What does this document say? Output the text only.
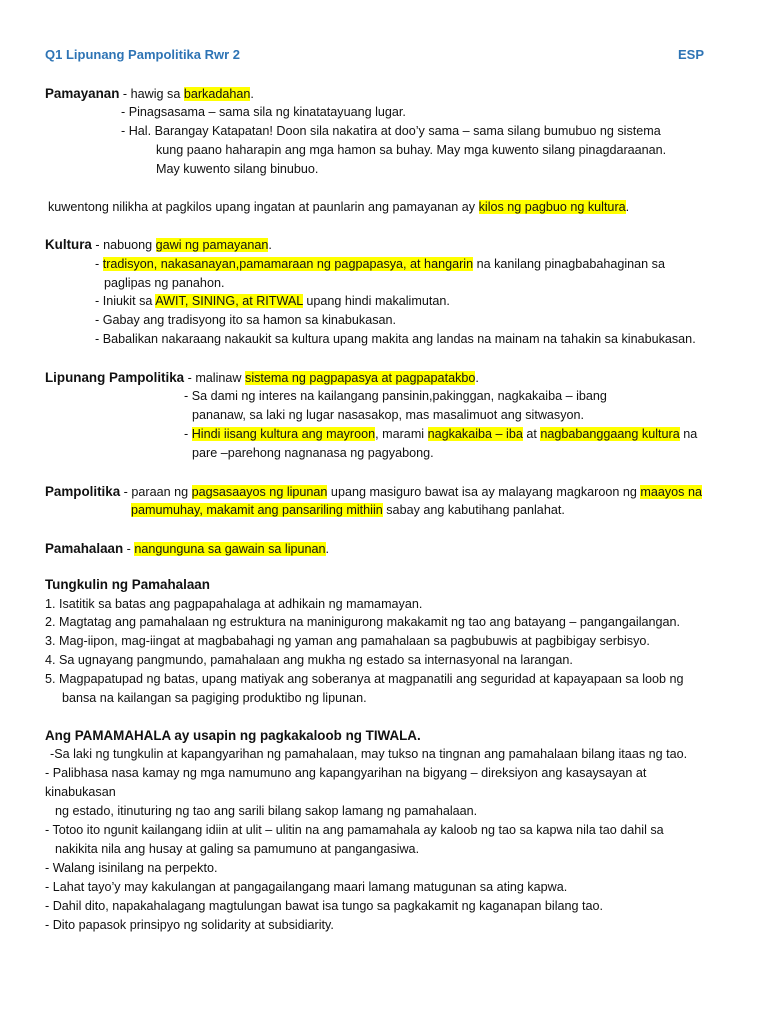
Q1 Lipunang Pampolitika Rwr 2	ESP
Pamayanan - hawig sa barkadahan.
- Pinagsasama – sama sila ng kinatatayuang lugar.
- Hal. Barangay Katapatan! Doon sila nakatira at doo’y sama – sama silang bumubuo ng sistema
kung paano haharapin ang mga hamon sa buhay. May mga kuwento silang pinagdaraanan.
May kuwento silang binubuo.
kuwentong nilikha at pagkilos upang ingatan at paunlarin ang pamayanan ay kilos ng pagbuo ng kultura.
Kultura - nabuong gawi ng pamayanan.
- tradisyon, nakasanayan,pamamaraan ng pagpapasya, at hangarin na kanilang pinagbabahaginan sa
paglipas ng panahon.
- Iniukit sa AWIT, SINING, at RITWAL upang hindi makalimutan.
- Gabay ang tradisyong ito sa hamon sa kinabukasan.
- Babalikan nakaraang nakaukit sa kultura upang makita ang landas na mainam na tahakin sa kinabukasan.
Lipunang Pampolitika - malinaw sistema ng pagpapasya at pagpapatakbo.
- Sa dami ng interes na kailangang pansinin,pakinggan, nagkakaiba – ibang
pananaw, sa laki ng lugar nasasakop, mas masalimuot ang sitwasyon.
- Hindi iisang kultura ang mayroon, marami nagkakaiba – iba at nagbabanggaang kultura na
pare –parehong nagnanasa ng pagyabong.
Pampolitika - paraan ng pagsasaayos ng lipunan upang masiguro bawat isa ay malayang magkaroon ng maayos na
pamumuhay, makamit ang pansariling mithiin sabay ang kabutihang panlahat.
Pamahalaan - nangunguna sa gawain sa lipunan.
Tungkulin ng Pamahalaan
1. Isatitik sa batas ang pagpapahalaga at adhikain ng mamamayan.
2. Magtatag ang pamahalaan ng estruktura na maninigurong makakamit ng tao ang batayang – pangangailangan.
3. Mag-iipon, mag-iingat at magbabahagi ng yaman ang pamahalaan sa pagbubuwis at pagbibigay serbisyo.
4. Sa ugnayang pangmundo, pamahalaan ang mukha ng estado sa internasyonal na larangan.
5. Magpapatupad ng batas, upang matiyak ang soberanya at magpanatili ang seguridad at kapayapaan sa loob ng
bansa na kailangan sa pagiging produktibo ng lipunan.
Ang PAMAMAHALA ay usapin ng pagkakaloob ng TIWALA.
-Sa laki ng tungkulin at kapangyarihan ng pamahalaan, may tukso na tingnan ang pamahalaan bilang itaas ng tao.
- Palibhasa nasa kamay ng mga namumuno ang kapangyarihan na bigyang – direksiyon ang kasaysayan at
kinabukasan
ng estado, itinuturing ng tao ang sarili bilang sakop lamang ng pamahalaan.
- Totoo ito ngunit kailangang idiin at ulit – ulitin na ang pamamahala ay kaloob ng tao sa kapwa nila tao dahil sa
nakikita nila ang husay at galing sa pamumuno at pangangasiwa.
- Walang isinilang na perpekto.
- Lahat tayo’y may kakulangan at pangagailangang maari lamang matugunan sa ating kapwa.
- Dahil dito, napakahalagang magtulungan bawat isa tungo sa pagkakamit ng kaganapan bilang tao.
- Dito papasok prinsipyo ng solidarity at subsidiarity.
